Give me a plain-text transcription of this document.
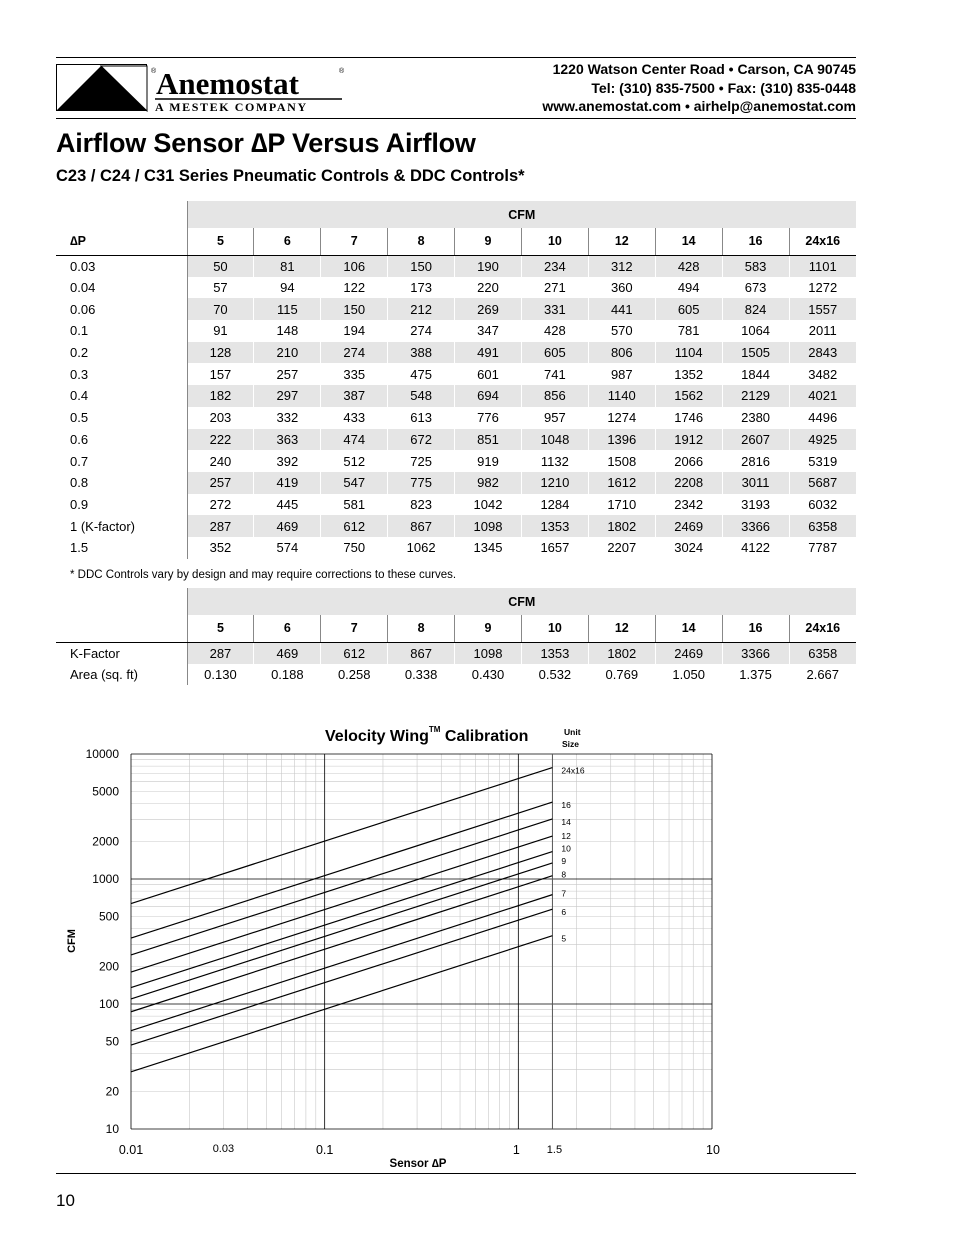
® Anemostat	®
A MESTEK COMPANY
1220 Watson Center Road • Carson, CA 90745
Tel: (310) 835-7500 • Fax: (310) 835-0448
www.anemostat.com • airhelp@anemostat.com
Airflow Sensor ∆P Versus Airflow
C23 / C24 / C31 Series Pneumatic Controls & DDC Controls*
	CFM									
∆P	5	6	7	8	9	10	12	14	16	24x16
0.03	50	81	106	150	190	234	312	428	583	1101
0.04	57	94	122	173	220	271	360	494	673	1272
0.06	70	115	150	212	269	331	441	605	824	1557
0.1	91	148	194	274	347	428	570	781	1064	2011
0.2	128	210	274	388	491	605	806	1104	1505	2843
0.3	157	257	335	475	601	741	987	1352	1844	3482
0.4	182	297	387	548	694	856	1140	1562	2129	4021
0.5	203	332	433	613	776	957	1274	1746	2380	4496
0.6	222	363	474	672	851	1048	1396	1912	2607	4925
0.7	240	392	512	725	919	1132	1508	2066	2816	5319
0.8	257	419	547	775	982	1210	1612	2208	3011	5687
0.9	272	445	581	823	1042	1284	1710	2342	3193	6032
1 (K-factor)	287	469	612	867	1098	1353	1802	2469	3366	6358
1.5	352	574	750	1062	1345	1657	2207	3024	4122	7787
* DDC Controls vary by design and may require corrections to these curves.
	CFM									
	5	6	7	8	9	10	12	14	16	24x16
K-Factor	287	469	612	867	1098	1353	1802	2469	3366	6358
Area (sq. ft)	0.130	0.188	0.258	0.338	0.430	0.532	0.769	1.050	1.375	2.667
5
6
7
8
9
10
12
14
16
24x16
10
20
50
100
200
500
1000
2000
5000
10000
0.01	0.03	0.1	1 1.5	10
Velocity Wing™ Calibration	Unit
Size
CFM
Sensor ∆P
10
